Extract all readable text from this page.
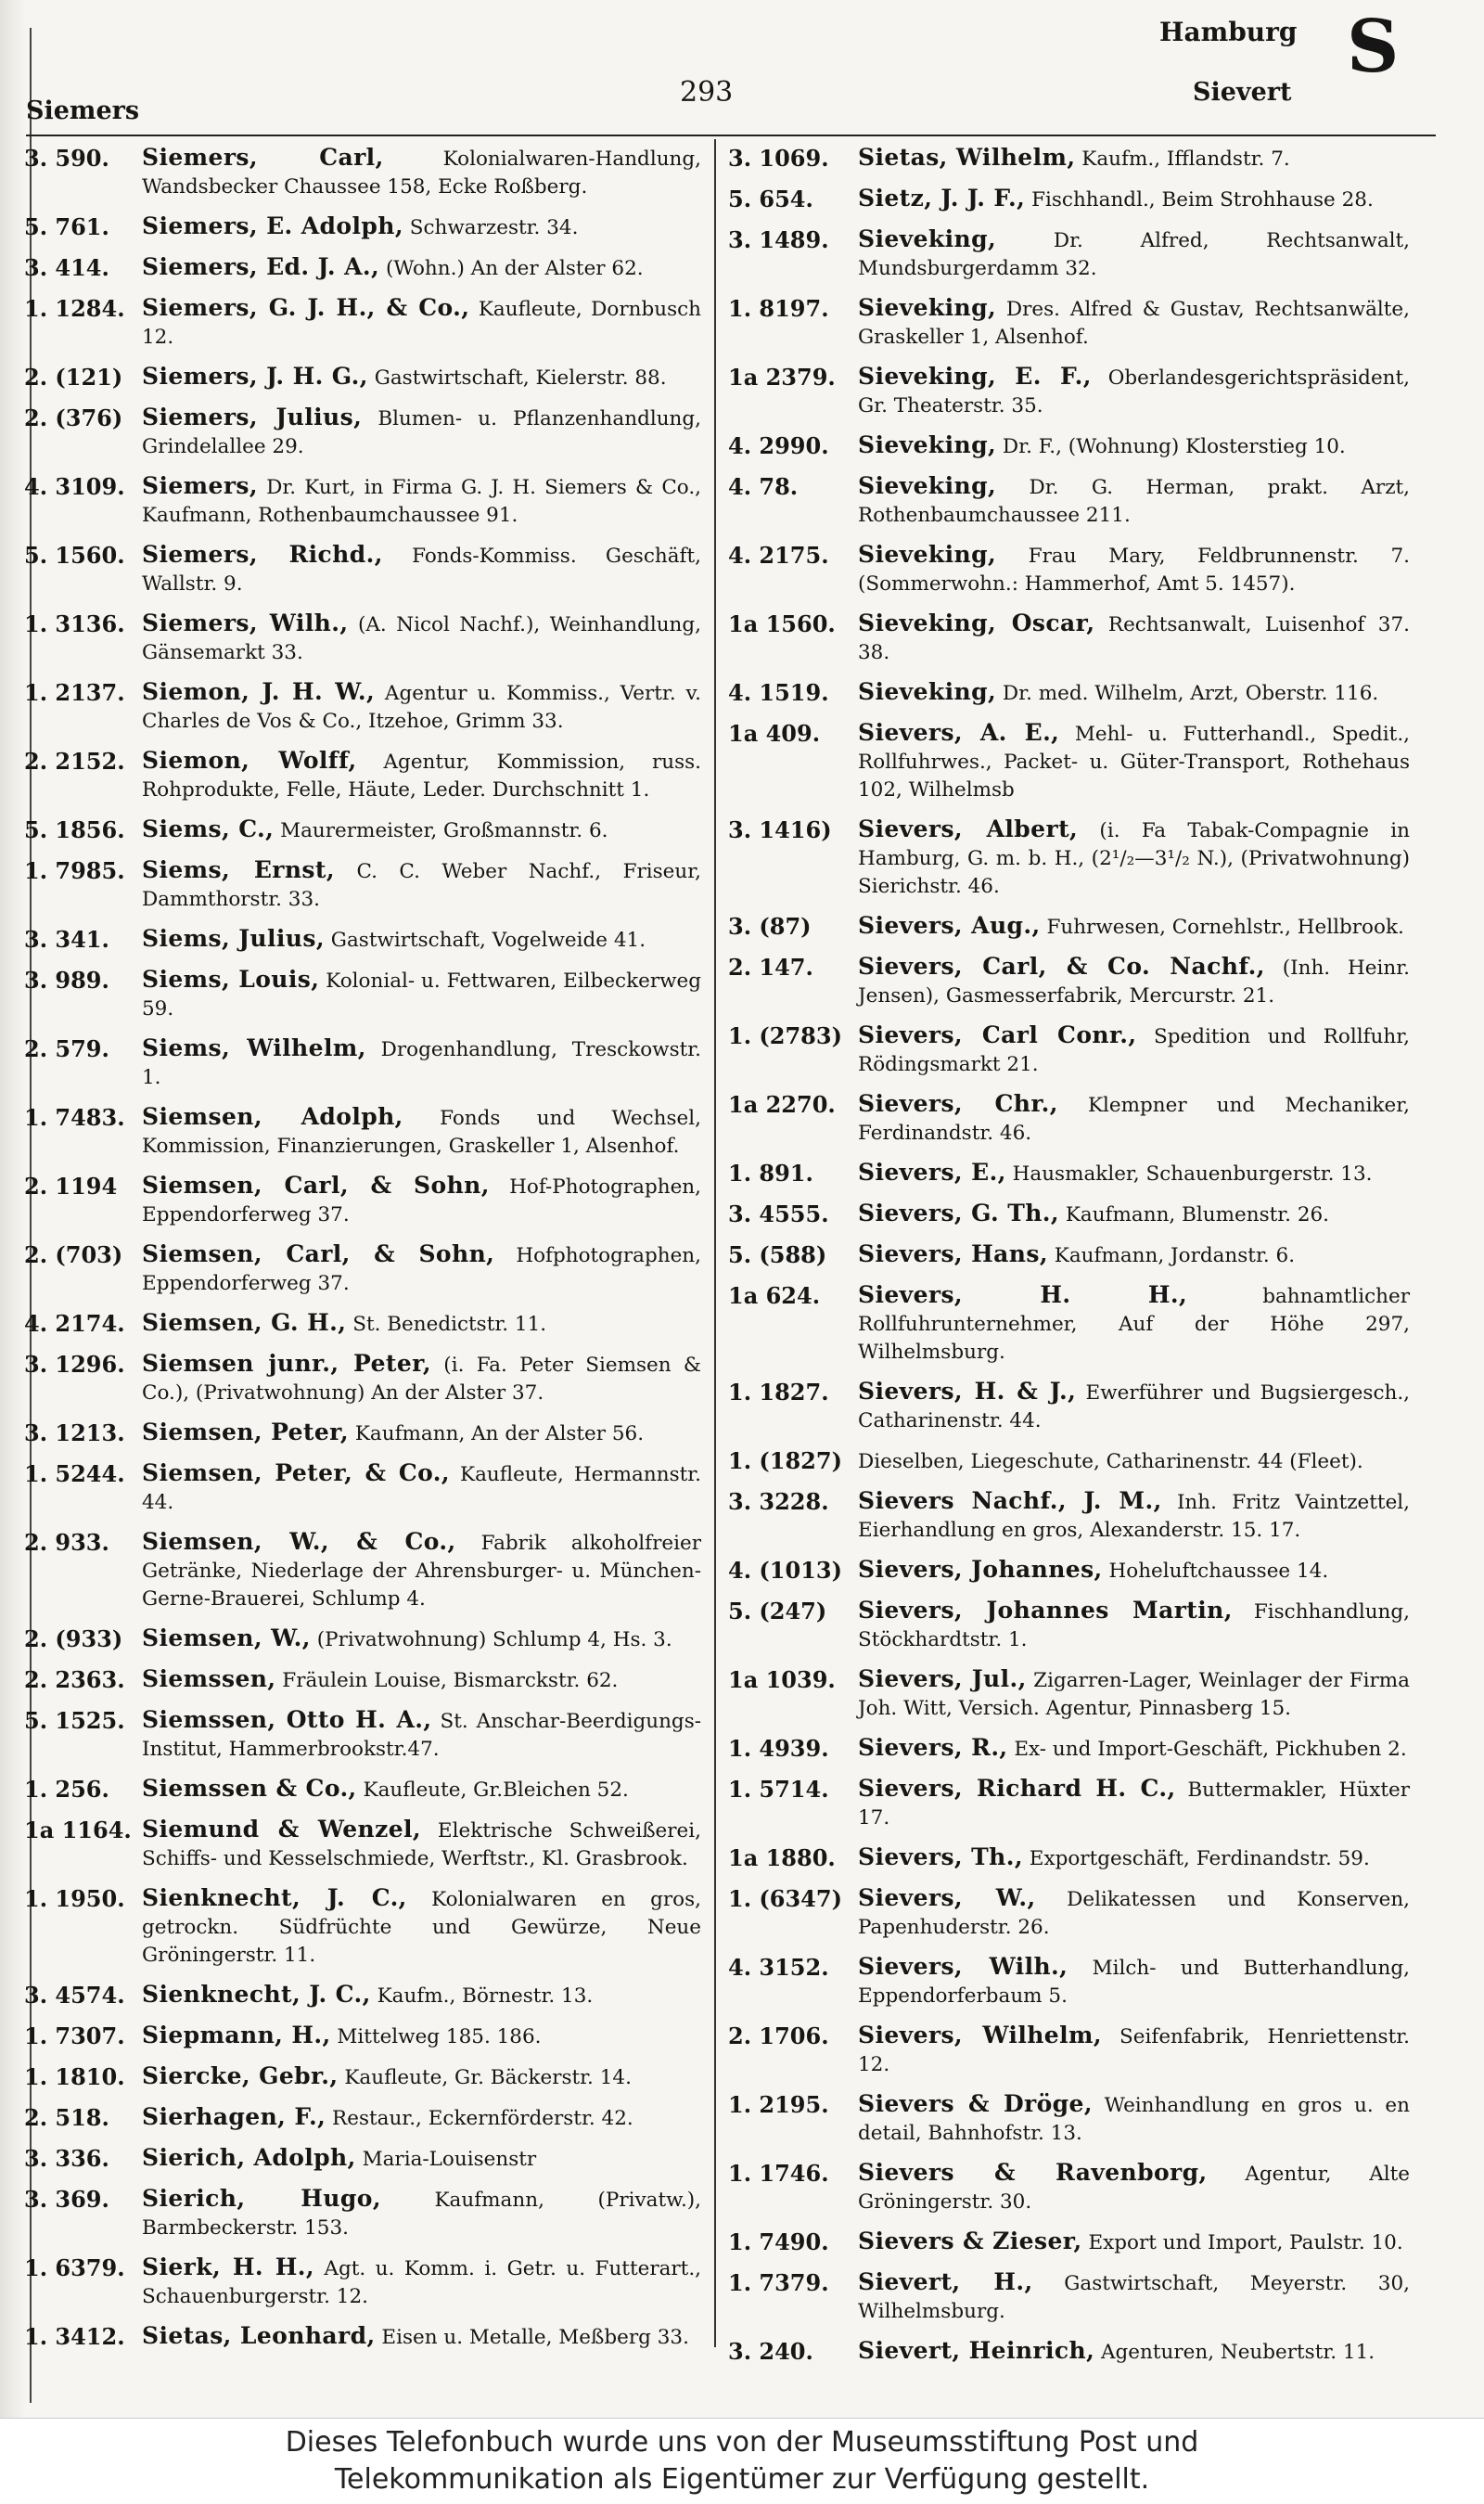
Hamburg S
293
Siemers
Sievert
3. 590. Siemers, Carl, Kolonialwaren-Handlung, Wandsbecker Chaussee 158, Ecke Roßberg.
5. 761. Siemers, E. Adolph, Schwarzestr. 34.
3. 414. Siemers, Ed. J. A., (Wohn.) An der Alster 62.
1. 1284. Siemers, G. J. H., & Co., Kaufleute, Dornbusch 12.
2. (121) Siemers, J. H. G., Gastwirtschaft, Kielerstr. 88.
2. (376) Siemers, Julius, Blumen- u. Pflanzenhandlung, Grindelallee 29.
4. 3109. Siemers, Dr. Kurt, in Firma G. J. H. Siemers & Co., Kaufmann, Rothenbaumchaussee 91.
5. 1560. Siemers, Richd., Fonds-Kommiss. Geschäft, Wallstr. 9.
1. 3136. Siemers, Wilh., (A. Nicol Nachf.), Weinhandlung, Gänsemarkt 33.
1. 2137. Siemon, J. H. W., Agentur u. Kommiss., Vertr. v. Charles de Vos & Co., Itzehoe, Grimm 33.
2. 2152. Siemon, Wolff, Agentur, Kommission, russ. Rohprodukte, Felle, Häute, Leder. Durchschnitt 1.
5. 1856. Siems, C., Maurermeister, Großmannstr. 6.
1. 7985. Siems, Ernst, C. C. Weber Nachf., Friseur, Dammthorstr. 33.
3. 341. Siems, Julius, Gastwirtschaft, Vogelweide 41.
3. 989. Siems, Louis, Kolonial- u. Fettwaren, Eilbeckerweg 59.
2. 579. Siems, Wilhelm, Drogenhandlung, Tresckowstr. 1.
1. 7483. Siemsen, Adolph, Fonds und Wechsel, Kommission, Finanzierungen, Graskeller 1, Alsenhof.
2. 1194 Siemsen, Carl, & Sohn, Hof-Photographen, Eppendorferweg 37.
2. (703) Siemsen, Carl, & Sohn, Hofphotographen, Eppendorferweg 37.
4. 2174. Siemsen, G. H., St. Benedictstr. 11.
3. 1296. Siemsen junr., Peter, (i. Fa. Peter Siemsen & Co.), (Privatwohnung) An der Alster 37.
3. 1213. Siemsen, Peter, Kaufmann, An der Alster 56.
1. 5244. Siemsen, Peter, & Co., Kaufleute, Hermannstr. 44.
2. 933. Siemsen, W., & Co., Fabrik alkoholfreier Getränke, Niederlage der Ahrensburger- u. München-Gerne-Brauerei, Schlump 4.
2. (933) Siemsen, W., (Privatwohnung) Schlump 4, Hs. 3.
2. 2363. Siemssen, Fräulein Louise, Bismarckstr. 62.
5. 1525. Siemssen, Otto H. A., St. Anschar-Beerdigungs-Institut, Hammerbrookstr.47.
1. 256. Siemssen & Co., Kaufleute, Gr.Bleichen 52.
1a 1164. Siemund & Wenzel, Elektrische Schweißerei, Schiffs- und Kesselschmiede, Werftstr., Kl. Grasbrook.
1. 1950. Sienknecht, J. C., Kolonialwaren en gros, getrockn. Südfrüchte und Gewürze, Neue Gröningerstr. 11.
3. 4574. Sienknecht, J. C., Kaufm., Börnestr. 13.
1. 7307. Siepmann, H., Mittelweg 185. 186.
1. 1810. Siercke, Gebr., Kaufleute, Gr. Bäckerstr. 14.
2. 518. Sierhagen, F., Restaur., Eckernförderstr. 42.
3. 336. Sierich, Adolph, Maria-Louisenstr
3. 369. Sierich, Hugo, Kaufmann, (Privatw.), Barmbeckerstr. 153.
1. 6379. Sierk, H. H., Agt. u. Komm. i. Getr. u. Futterart., Schauenburgerstr. 12.
1. 3412. Sietas, Leonhard, Eisen u. Metalle, Meßberg 33.
3. 1069. Sietas, Wilhelm, Kaufm., Ifflandstr. 7.
5. 654. Sietz, J. J. F., Fischhandl., Beim Strohhause 28.
3. 1489. Sieveking, Dr. Alfred, Rechtsanwalt, Mundsburgerdamm 32.
1. 8197. Sieveking, Dres. Alfred & Gustav, Rechtsanwälte, Graskeller 1, Alsenhof.
1a 2379. Sieveking, E. F., Oberlandesgerichtspräsident, Gr. Theaterstr. 35.
4. 2990. Sieveking, Dr. F., (Wohnung) Klosterstieg 10.
4. 78.	Sieveking, Dr. G. Herman, prakt. Arzt, Rothenbaumchaussee 211.
4. 2175. Sieveking, Frau Mary, Feldbrunnenstr. 7. (Sommerwohn.: Hammerhof, Amt 5. 1457).
1a 1560. Sieveking, Oscar, Rechtsanwalt, Luisenhof 37. 38.
4. 1519. Sieveking, Dr. med. Wilhelm, Arzt, Oberstr. 116.
1a 409. Sievers, A. E., Mehl- u. Futterhandl., Spedit., Rollfuhrwes., Packet- u. Güter-Transport, Rothehaus 102, Wilhelmsb
3. 1416) Sievers, Albert, (i. Fa Tabak-Compagnie in Hamburg, G. m. b. H., (2¹/₂—3¹/₂ N.), (Privatwohnung) Sierichstr. 46.
3. (87) Sievers, Aug., Fuhrwesen, Cornehlstr., Hellbrook.
2. 147. Sievers, Carl, & Co. Nachf., (Inh. Heinr. Jensen), Gasmesserfabrik, Mercurstr. 21.
1. (2783) Sievers, Carl Conr., Spedition und Rollfuhr, Rödingsmarkt 21.
1a 2270. Sievers, Chr., Klempner und Mechaniker, Ferdinandstr. 46.
1. 891. Sievers, E., Hausmakler, Schauenburgerstr. 13.
3. 4555. Sievers, G. Th., Kaufmann, Blumenstr. 26.
5. (588) Sievers, Hans, Kaufmann, Jordanstr. 6.
1a 624. Sievers, H. H., bahnamtlicher Rollfuhrunternehmer, Auf der Höhe 297, Wilhelmsburg.
1. 1827. Sievers, H. & J., Ewerführer und Bugsiergesch., Catharinenstr. 44.
1. (1827) Dieselben, Liegeschute, Catharinenstr. 44 (Fleet).
3. 3228. Sievers Nachf., J. M., Inh. Fritz Vaintzettel, Eierhandlung en gros, Alexanderstr. 15. 17.
4. (1013) Sievers, Johannes, Hoheluftchaussee 14.
5. (247) Sievers, Johannes Martin, Fischhandlung, Stöckhardtstr. 1.
1a 1039. Sievers, Jul., Zigarren-Lager, Weinlager der Firma Joh. Witt, Versich. Agentur, Pinnasberg 15.
1. 4939. Sievers, R., Ex- und Import-Geschäft, Pickhuben 2.
1. 5714. Sievers, Richard H. C., Buttermakler, Hüxter 17.
1a 1880. Sievers, Th., Exportgeschäft, Ferdinandstr. 59.
1. (6347) Sievers, W., Delikatessen und Konserven, Papenhuderstr. 26.
4. 3152. Sievers, Wilh., Milch- und Butterhandlung, Eppendorferbaum 5.
2. 1706. Sievers, Wilhelm, Seifenfabrik, Henriettenstr. 12.
1. 2195. Sievers & Dröge, Weinhandlung en gros u. en detail, Bahnhofstr. 13.
1. 1746. Sievers & Ravenborg, Agentur, Alte Gröningerstr. 30.
1. 7490. Sievers & Zieser, Export und Import, Paulstr. 10.
1. 7379. Sievert, H., Gastwirtschaft, Meyerstr. 30, Wilhelmsburg.
3. 240. Sievert, Heinrich, Agenturen, Neubertstr. 11.
Dieses Telefonbuch wurde uns von der Museumsstiftung Post und
Telekommunikation als Eigentümer zur Verfügung gestellt.
